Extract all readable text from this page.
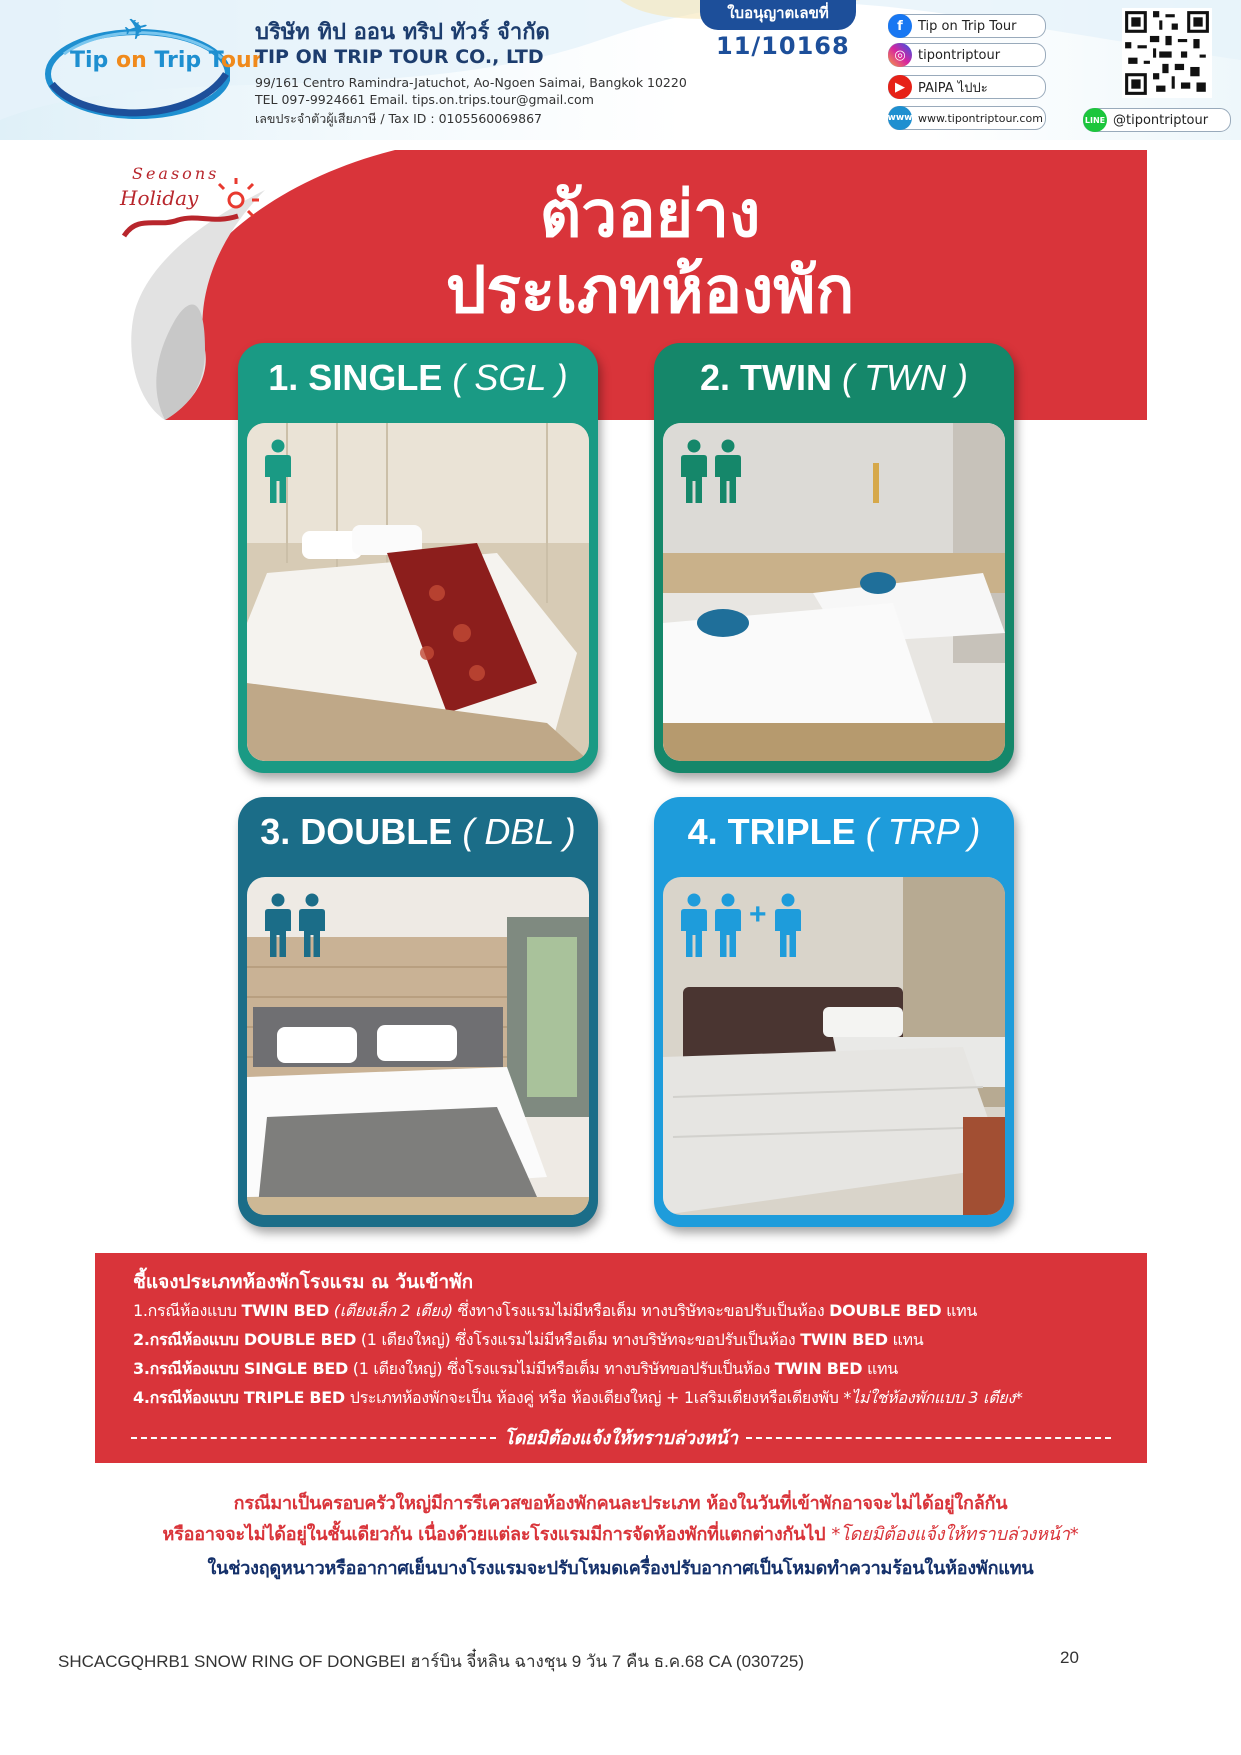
✈
Tip on Trip Tour
บริษัท ทิป ออน ทริป ทัวร์ จำกัด
TIP ON TRIP TOUR CO., LTD
99/161 Centro Ramindra-Jatuchot, Ao-Ngoen Saimai, Bangkok 10220
TEL 097-9924661 Email. tips.on.trips.tour@gmail.com
เลขประจำตัวผู้เสียภาษี / Tax ID : 0105560069867
ใบอนุญาตเลขที่
11/10168
f	Tip on Trip Tour
◎ tipontriptour
▶	PAIPA ไปปะ
www www.tipontriptour.com	LINE @tipontriptour
Seasons
Holiday	ตัวอย่าง
ประเภทห้องพัก
1. SINGLE ( SGL )	2. TWIN ( TWN )
3. DOUBLE ( DBL )	4. TRIPLE ( TRP )
+
ชี้แจงประเภทห้องพักโรงแรม ณ วันเข้าพัก
1.กรณีห้องแบบ TWIN BED (เตียงเล็ก 2 เตียง) ซึ่งทางโรงแรมไม่มีหรือเต็ม ทางบริษัทจะขอปรับเป็นห้อง DOUBLE BED แทน
2.กรณีห้องแบบ DOUBLE BED (1 เตียงใหญ่) ซึ่งโรงแรมไม่มีหรือเต็ม ทางบริษัทจะขอปรับเป็นห้อง TWIN BED แทน
3.กรณีห้องแบบ SINGLE BED (1 เตียงใหญ่) ซึ่งโรงแรมไม่มีหรือเต็ม ทางบริษัทขอปรับเป็นห้อง TWIN BED แทน
4.กรณีห้องแบบ TRIPLE BED ประเภทห้องพักจะเป็น ห้องคู่ หรือ ห้องเตียงใหญ่ + 1เสริมเตียงหรือเตียงพับ *ไม่ใช่ห้องพักแบบ 3 เตียง*
โดยมิต้องแจ้งให้ทราบล่วงหน้า
กรณีมาเป็นครอบครัวใหญ่มีการรีเควสขอห้องพักคนละประเภท ห้องในวันที่เข้าพักอาจจะไม่ได้อยู่ใกล้กัน
หรืออาจจะไม่ได้อยู่ในชั้นเดียวกัน เนื่องด้วยแต่ละโรงแรมมีการจัดห้องพักที่แตกต่างกันไป *โดยมิต้องแจ้งให้ทราบล่วงหน้า*
ในช่วงฤดูหนาวหรืออากาศเย็นบางโรงแรมจะปรับโหมดเครื่องปรับอากาศเป็นโหมดทำความร้อนในห้องพักแทน
SHCACGQHRB1 SNOW RING OF DONGBEI ฮาร์บิน จี๋หลิน ฉางชุน 9 วัน 7 คืน ธ.ค.68 CA (030725)	20
